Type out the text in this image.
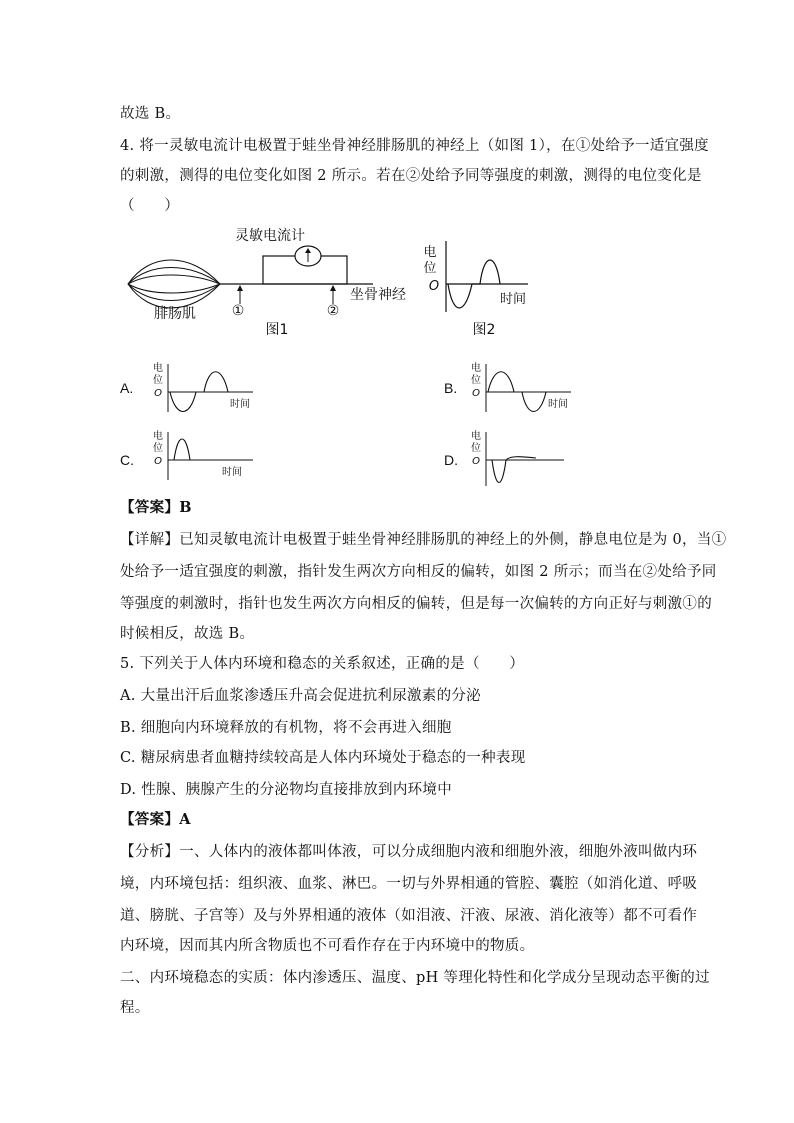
故选 B。
4. 将一灵敏电流计电极置于蛙坐骨神经腓肠肌的神经上（如图 1），在①处给予一适宜强度
的刺激，测得的电位变化如图 2 所示。若在②处给予同等强度的刺激，测得的电位变化是
（　　）
灵敏电流计
①	②
腓肠肌
坐骨神经
图1
电
位
O
时间
图2
A.
电
位
O
时间
B.
电
位
O
时间
C.
电
位
O
时间
D.
电
位
O
【答案】B
【详解】已知灵敏电流计电极置于蛙坐骨神经腓肠肌的神经上的外侧，静息电位是为 0，当①
处给予一适宜强度的刺激，指针发生两次方向相反的偏转，如图 2 所示；而当在②处给予同
等强度的刺激时，指针也发生两次方向相反的偏转，但是每一次偏转的方向正好与刺激①的
时候相反，故选 B。
5. 下列关于人体内环境和稳态的关系叙述，正确的是（　　）
A. 大量出汗后血浆渗透压升高会促进抗利尿激素的分泌
B. 细胞向内环境释放的有机物，将不会再进入细胞
C. 糖尿病患者血糖持续较高是人体内环境处于稳态的一种表现
D. 性腺、胰腺产生的分泌物均直接排放到内环境中
【答案】A
【分析】一、人体内的液体都叫体液，可以分成细胞内液和细胞外液，细胞外液叫做内环
境，内环境包括：组织液、血浆、淋巴。一切与外界相通的管腔、囊腔（如消化道、呼吸
道、膀胱、子宫等）及与外界相通的液体（如泪液、汗液、尿液、消化液等）都不可看作
内环境，因而其内所含物质也不可看作存在于内环境中的物质。
二、内环境稳态的实质：体内渗透压、温度、pH 等理化特性和化学成分呈现动态平衡的过
程。
